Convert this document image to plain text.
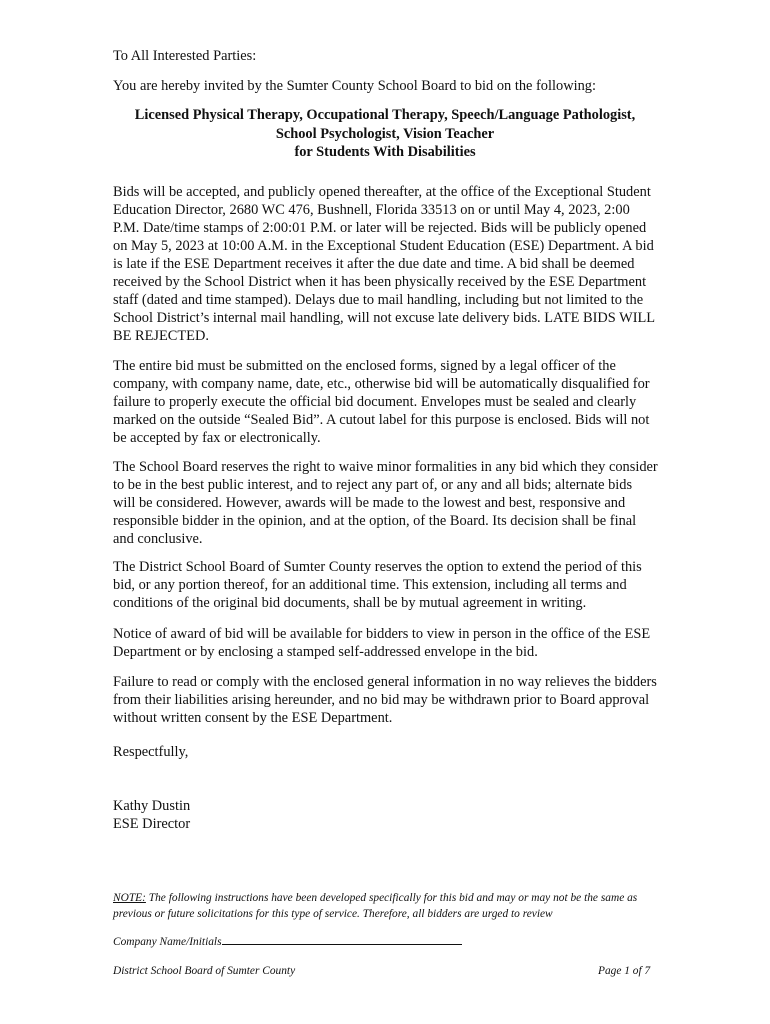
To All Interested Parties:
You are hereby invited by the Sumter County School Board to bid on the following:
Licensed Physical Therapy, Occupational Therapy, Speech/Language Pathologist,
School Psychologist, Vision Teacher
for Students With Disabilities
Bids will be accepted, and publicly opened thereafter, at the office of the Exceptional Student Education Director, 2680 WC 476, Bushnell, Florida 33513 on or until May 4, 2023, 2:00 P.M. Date/time stamps of 2:00:01 P.M. or later will be rejected. Bids will be publicly opened on May 5, 2023 at 10:00 A.M. in the Exceptional Student Education (ESE) Department. A bid is late if the ESE Department receives it after the due date and time. A bid shall be deemed received by the School District when it has been physically received by the ESE Department staff (dated and time stamped). Delays due to mail handling, including but not limited to the School District’s internal mail handling, will not excuse late delivery bids. LATE BIDS WILL BE REJECTED.
The entire bid must be submitted on the enclosed forms, signed by a legal officer of the company, with company name, date, etc., otherwise bid will be automatically disqualified for failure to properly execute the official bid document. Envelopes must be sealed and clearly marked on the outside “Sealed Bid”. A cutout label for this purpose is enclosed. Bids will not be accepted by fax or electronically.
The School Board reserves the right to waive minor formalities in any bid which they consider to be in the best public interest, and to reject any part of, or any and all bids; alternate bids will be considered. However, awards will be made to the lowest and best, responsive and responsible bidder in the opinion, and at the option, of the Board. Its decision shall be final and conclusive.
The District School Board of Sumter County reserves the option to extend the period of this bid, or any portion thereof, for an additional time. This extension, including all terms and conditions of the original bid documents, shall be by mutual agreement in writing.
Notice of award of bid will be available for bidders to view in person in the office of the ESE Department or by enclosing a stamped self-addressed envelope in the bid.
Failure to read or comply with the enclosed general information in no way relieves the bidders from their liabilities arising hereunder, and no bid may be withdrawn prior to Board approval without written consent by the ESE Department.
Respectfully,
Kathy Dustin
ESE Director
NOTE: The following instructions have been developed specifically for this bid and may or may not be the same as previous or future solicitations for this type of service. Therefore, all bidders are urged to review
Company Name/Initials
District School Board of Sumter County	Page 1 of 7
